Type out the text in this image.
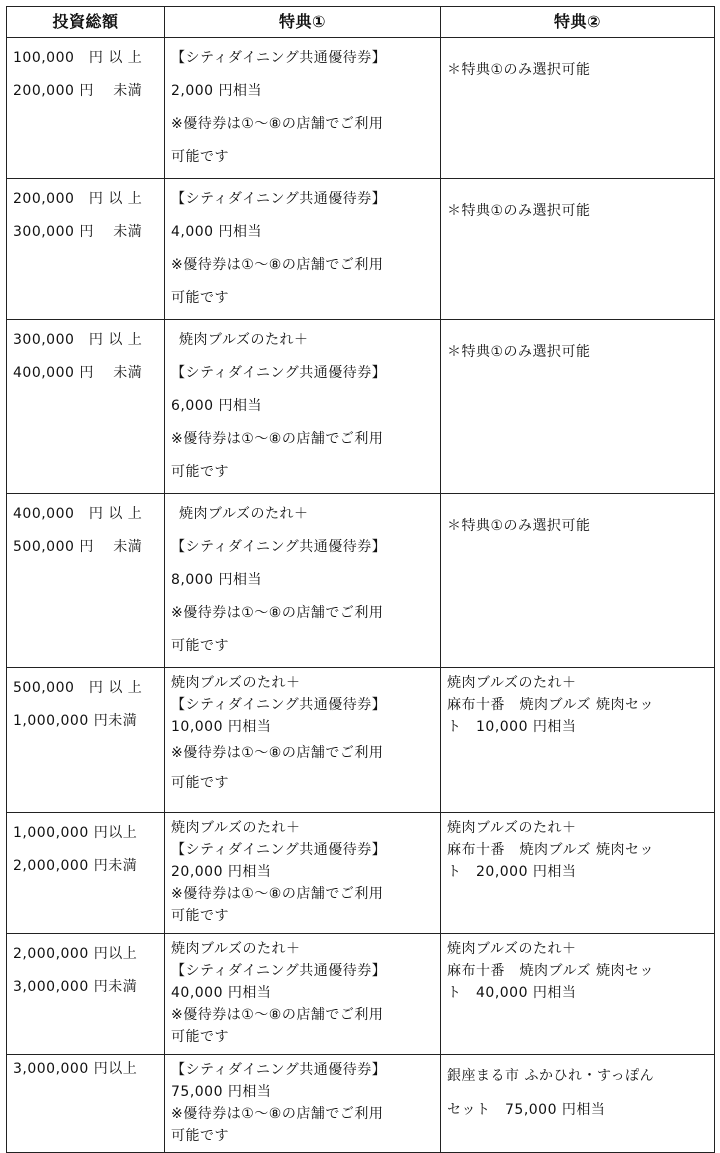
投資総額	特典①	特典②

100,000　円 以 上
200,000 円　 未満	【シティダイニング共通優待券】
2,000 円相当
※優待券は①～⑧の店舗でご利用
可能です	＊特典①のみ選択可能

200,000　円 以 上
300,000 円　 未満	【シティダイニング共通優待券】
4,000 円相当
※優待券は①～⑧の店舗でご利用
可能です	＊特典①のみ選択可能

300,000　円 以 上
400,000 円　 未満	焼肉ブルズのたれ＋
【シティダイニング共通優待券】
6,000 円相当
※優待券は①～⑧の店舗でご利用
可能です	＊特典①のみ選択可能

400,000　円 以 上
500,000 円　 未満	焼肉ブルズのたれ＋
【シティダイニング共通優待券】
8,000 円相当
※優待券は①～⑧の店舗でご利用
可能です	＊特典①のみ選択可能

500,000　円 以 上
1,000,000 円未満	焼肉ブルズのたれ＋
【シティダイニング共通優待券】
10,000 円相当
※優待券は①～⑧の店舗でご利用
可能です	焼肉ブルズのたれ＋
麻布十番　焼肉ブルズ 焼肉セッ
ト　10,000 円相当

1,000,000 円以上
2,000,000 円未満	焼肉ブルズのたれ＋
【シティダイニング共通優待券】
20,000 円相当
※優待券は①～⑧の店舗でご利用
可能です	焼肉ブルズのたれ＋
麻布十番　焼肉ブルズ 焼肉セッ
ト　20,000 円相当

2,000,000 円以上
3,000,000 円未満	焼肉ブルズのたれ＋
【シティダイニング共通優待券】
40,000 円相当
※優待券は①～⑧の店舗でご利用
可能です	焼肉ブルズのたれ＋
麻布十番　焼肉ブルズ 焼肉セッ
ト　40,000 円相当

3,000,000 円以上	【シティダイニング共通優待券】
75,000 円相当
※優待券は①～⑧の店舗でご利用
可能です	銀座まる市 ふかひれ・すっぽん
セット　75,000 円相当
